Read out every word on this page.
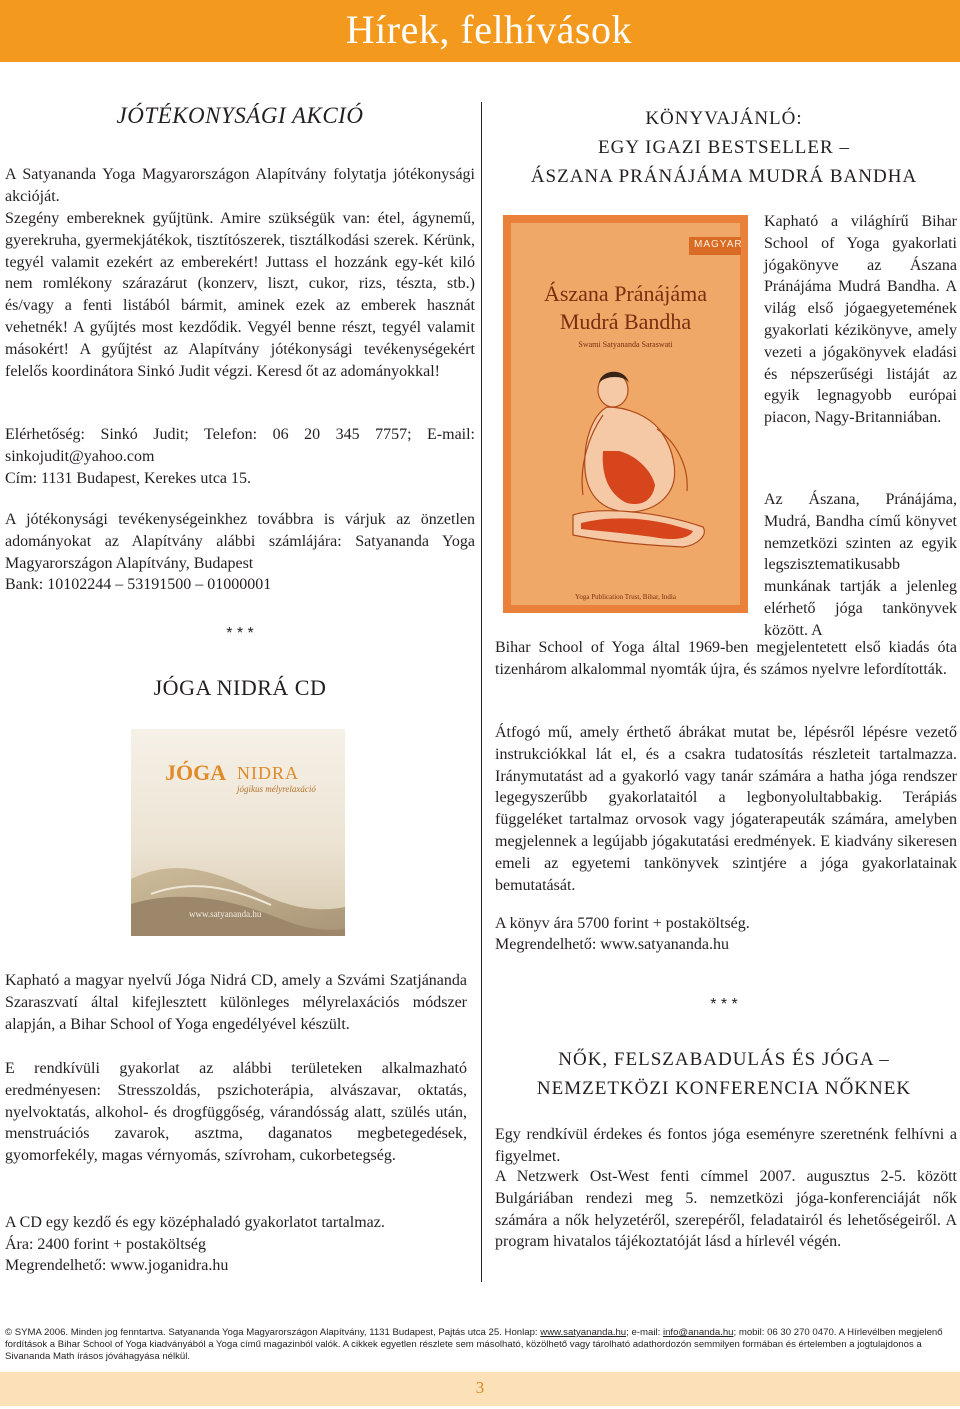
Hírek, felhívások
JÓTÉKONYSÁGI AKCIÓ

A Satyananda Yoga Magyarországon Alapítvány folytatja jótékonysági akcióját.

Szegény embereknek gyűjtünk. Amire szükségük van: étel, ágynemű, gyerekruha, gyermekjátékok, tisztítószerek, tisztálkodási szerek. Kérünk, tegyél valamit ezekért az emberekért! Juttass el hozzánk egy-két kiló nem romlékony szárazárut (konzerv, liszt, cukor, rizs, tészta, stb.) és/vagy a fenti listából bármit, aminek ezek az emberek hasznát vehetnék! A gyűjtés most kezdődik. Vegyél benne részt, tegyél valamit másokért! A gyűjtést az Alapítvány jótékonysági tevékenységekért felelős koordinátora Sinkó Judit végzi. Keresd őt az adományokkal!

Elérhetőség: Sinkó Judit; Telefon: 06 20 345 7757; E-mail: sinkojudit@yahoo.com

Cím: 1131 Budapest, Kerekes utca 15.

A jótékonysági tevékenységeinkhez továbbra is várjuk az önzetlen adományokat az Alapítvány alábbi számlájára: Satyananda Yoga Magyarországon Alapítvány, Budapest

Bank: 10102244 – 53191500 – 01000001

* * *
JÓGA NIDRÁ CD
JÓGA NIDRA
jógikus mélyrelaxáció
www.satyananda.hu

Kapható a magyar nyelvű Jóga Nidrá CD, amely a Szvámi Szatjánanda Szaraszvatí által kifejlesztett különleges mélyrelaxációs módszer alapján, a Bihar School of Yoga engedélyével készült.

E rendkívüli gyakorlat az alábbi területeken alkalmazható eredményesen: Stresszoldás, pszichoterápia, alvászavar, oktatás, nyelvoktatás, alkohol- és drogfüggőség, várandósság alatt, szülés után, menstruációs zavarok, asztma, daganatos megbetegedések, gyomorfekély, magas vérnyomás, szívroham, cukorbetegség.

A CD egy kezdő és egy középhaladó gyakorlatot tartalmaz.

Ára: 2400 forint + postaköltség

Megrendelhető: www.joganidra.hu

KÖNYVAJÁNLÓ:
EGY IGAZI BESTSELLER –
ÁSZANA PRÁNÁJÁMA MUDRÁ BANDHA
MAGYAR
Ászana Pránájáma
Mudrá Bandha
Swami Satyananda Saraswati
Yoga Publication Trust, Bihar, India

Kapható a világhírű Bihar School of Yoga gyakorlati jógakönyve az Ászana Pránájáma Mudrá Bandha. A világ első jógaegyetemének gyakorlati kézikönyve, amely vezeti a jógakönyvek eladási és népszerűségi listáját az egyik legnagyobb európai piacon, Nagy-Britanniában.

Az Ászana, Pránájáma, Mudrá, Bandha című könyvet nemzetközi szinten az egyik legszisztematikusabb munkának tartják a jelenleg elérhető jóga tankönyvek között. A

Bihar School of Yoga által 1969-ben megjelentetett első kiadás óta tizenhárom alkalommal nyomták újra, és számos nyelvre lefordították.

Átfogó mű, amely érthető ábrákat mutat be, lépésről lépésre vezető instrukciókkal lát el, és a csakra tudatosítás részleteit tartalmazza. Iránymutatást ad a gyakorló vagy tanár számára a hatha jóga rendszer legegyszerűbb gyakorlataitól a legbonyolultabbakig. Terápiás függeléket tartalmaz orvosok vagy jógaterapeuták számára, amelyben megjelennek a legújabb jógakutatási eredmények. E kiadvány sikeresen emeli az egyetemi tankönyvek szintjére a jóga gyakorlatainak bemutatását.

A könyv ára 5700 forint + postaköltség.

Megrendelhető: www.satyananda.hu

* * *
NŐK, FELSZABADULÁS ÉS JÓGA –
NEMZETKÖZI KONFERENCIA NŐKNEK

Egy rendkívül érdekes és fontos jóga eseményre szeretnénk felhívni a figyelmet.

A Netzwerk Ost-West fenti címmel 2007. augusztus 2-5. között Bulgáriában rendezi meg 5. nemzetközi jóga-konferenciáját nők számára a nők helyzetéről, szerepéről, feladatairól és lehetőségeiről. A program hivatalos tájékoztatóját lásd a hírlevél végén.

© SYMA 2006. Minden jog fenntartva. Satyananda Yoga Magyarországon Alapítvány, 1131 Budapest, Pajtás utca 25. Honlap: www.satyananda.hu; e-mail: info@ananda.hu; mobil: 06 30 270 0470. A Hírlevélben megjelenő fordítások a Bihar School of Yoga kiadványából a Yoga című magazinból valók. A cikkek egyetlen részlete sem másolható, közölhető vagy tárolható adathordozón semmilyen formában és értelemben a jogtulajdonos a Sivananda Math írásos jóváhagyása nélkül.
3
